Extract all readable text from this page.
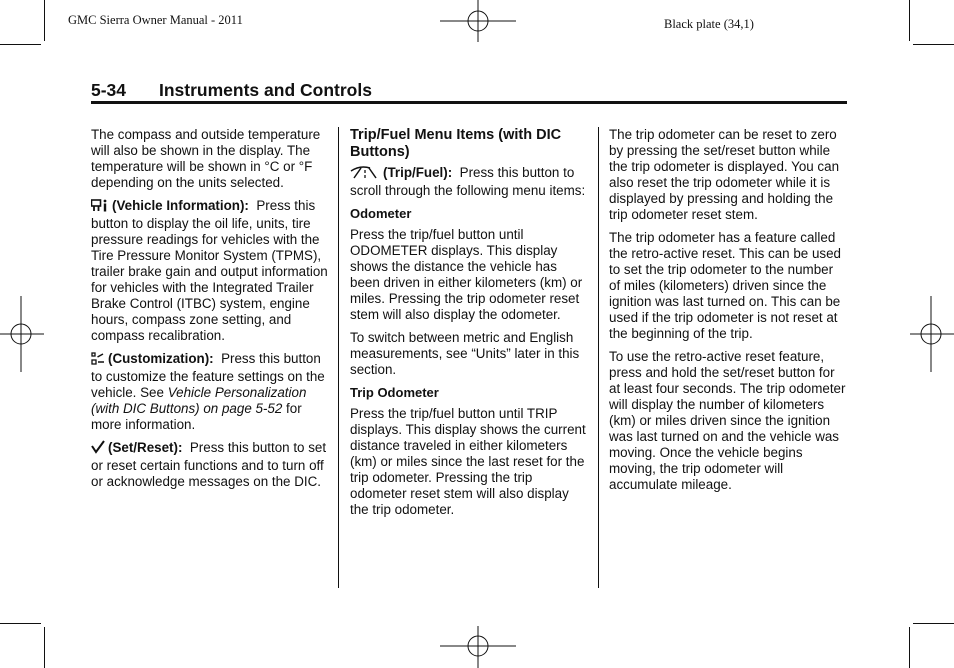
GMC Sierra Owner Manual - 2011	Black plate (34,1)
5-34 Instruments and Controls

The compass and outside temperature will also be shown in the display. The temperature will be shown in °C or °F depending on the units selected.

(Vehicle Information): Press this button to display the oil life, units, tire pressure readings for vehicles with the Tire Pressure Monitor System (TPMS), trailer brake gain and output information for vehicles with the Integrated Trailer Brake Control (ITBC) system, engine hours, compass zone setting, and compass recalibration.

(Customization): Press this button to customize the feature settings on the vehicle. See Vehicle Personalization (with DIC Buttons) on page 5-52 for more information.

(Set/Reset): Press this button to set or reset certain functions and to turn off or acknowledge messages on the DIC.

Trip/Fuel Menu Items (with DIC Buttons)

(Trip/Fuel): Press this button to scroll through the following menu items:

Odometer

Press the trip/fuel button until ODOMETER displays. This display shows the distance the vehicle has been driven in either kilometers (km) or miles. Pressing the trip odometer reset stem will also display the odometer.

To switch between metric and English measurements, see “Units” later in this section.

Trip Odometer

Press the trip/fuel button until TRIP displays. This display shows the current distance traveled in either kilometers (km) or miles since the last reset for the trip odometer. Pressing the trip odometer reset stem will also display the trip odometer.

The trip odometer can be reset to zero by pressing the set/reset button while the trip odometer is displayed. You can also reset the trip odometer while it is displayed by pressing and holding the trip odometer reset stem.

The trip odometer has a feature called the retro-active reset. This can be used to set the trip odometer to the number of miles (kilometers) driven since the ignition was last turned on. This can be used if the trip odometer is not reset at the beginning of the trip.

To use the retro-active reset feature, press and hold the set/reset button for at least four seconds. The trip odometer will display the number of kilometers (km) or miles driven since the ignition was last turned on and the vehicle was moving. Once the vehicle begins moving, the trip odometer will accumulate mileage.
